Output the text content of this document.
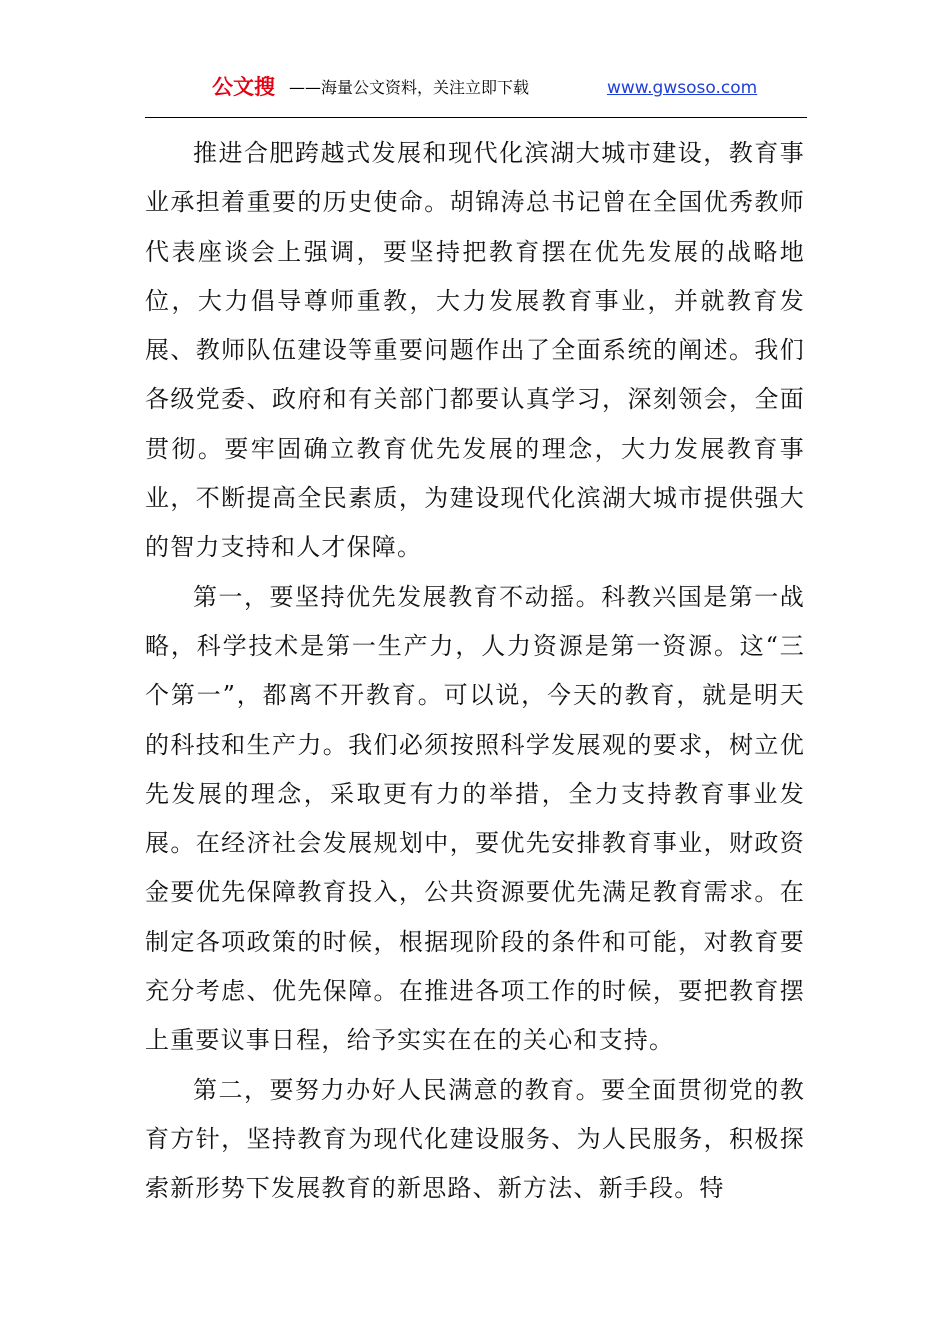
公文搜 ——海量公文资料，关注立即下载	www.gwsoso.com

推进合肥跨越式发展和现代化滨湖大城市建设，教育事业承担着重要的历史使命。胡锦涛总书记曾在全国优秀教师代表座谈会上强调，要坚持把教育摆在优先发展的战略地位，大力倡导尊师重教，大力发展教育事业，并就教育发展、教师队伍建设等重要问题作出了全面系统的阐述。我们各级党委、政府和有关部门都要认真学习，深刻领会，全面贯彻。要牢固确立教育优先发展的理念，大力发展教育事业，不断提高全民素质，为建设现代化滨湖大城市提供强大的智力支持和人才保障。

第一，要坚持优先发展教育不动摇。科教兴国是第一战略，科学技术是第一生产力，人力资源是第一资源。这“三个第一”，都离不开教育。可以说，今天的教育，就是明天的科技和生产力。我们必须按照科学发展观的要求，树立优先发展的理念，采取更有力的举措，全力支持教育事业发展。在经济社会发展规划中，要优先安排教育事业，财政资金要优先保障教育投入，公共资源要优先满足教育需求。在制定各项政策的时候，根据现阶段的条件和可能，对教育要充分考虑、优先保障。在推进各项工作的时候，要把教育摆上重要议事日程，给予实实在在的关心和支持。

第二，要努力办好人民满意的教育。要全面贯彻党的教育方针，坚持教育为现代化建设服务、为人民服务，积极探索新形势下发展教育的新思路、新方法、新手段。特
